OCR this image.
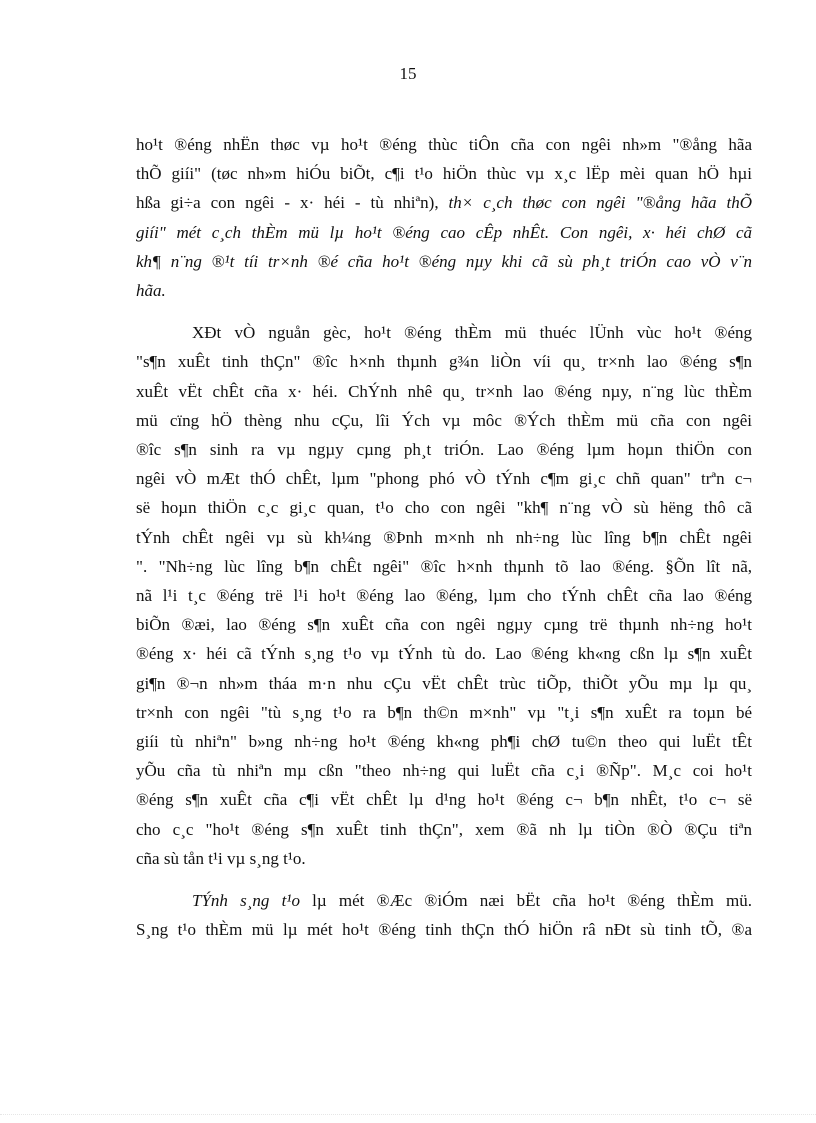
15

ho¹t ®éng nhËn thøc vµ ho¹t ®éng thùc tiÔn cña con ngêi nh»m "®ång hãa
thÕ giíi" (tøc nh»m hiÓu biÕt, c¶i t¹o hiÖn thùc vµ x¸c lËp mèi quan hÖ hµi
hßa gi÷a con ngêi - x· héi - tù nhiªn), th× c¸ch thøc con ngêi "®ång hãa thÕ
giíi" mét c¸ch thÈm mü lµ ho¹t ®éng cao cÊp nhÊt. Con ngêi, x· héi chØ cã
kh¶ n¨ng ®¹t tíi tr×nh ®é cña ho¹t ®éng nµy khi cã sù ph¸t triÓn cao vÒ v¨n
hãa.

XÐt vÒ nguån gèc, ho¹t ®éng thÈm mü thuéc lÜnh vùc ho¹t ®éng
"s¶n xuÊt tinh thÇn" ®îc h×nh thµnh g¾n liÒn víi qu¸ tr×nh lao ®éng s¶n
xuÊt vËt chÊt cña x· héi. ChÝnh nhê qu¸ tr×nh lao ®éng nµy, n¨ng lùc thÈm
mü cïng hÖ thèng nhu cÇu, lîi Ých vµ môc ®Ých thÈm mü cña con ngêi
®îc s¶n sinh ra vµ ngµy cµng ph¸t triÓn. Lao ®éng lµm hoµn thiÖn con
ngêi vÒ mÆt thÓ chÊt, lµm "phong phó vÒ tÝnh c¶m gi¸c chñ quan" trªn c¬
së hoµn thiÖn c¸c gi¸c quan, t¹o cho con ngêi "kh¶ n¨ng vÒ sù hëng thô cã
tÝnh chÊt ngêi vµ sù kh¼ng ®Þnh m×nh nh nh÷ng lùc lîng b¶n chÊt ngêi
". "Nh÷ng lùc lîng b¶n chÊt ngêi" ®îc h×nh thµnh tõ lao ®éng. §Õn lît nã,
nã l¹i t¸c ®éng trë l¹i ho¹t ®éng lao ®éng, lµm cho tÝnh chÊt cña lao ®éng
biÕn ®æi, lao ®éng s¶n xuÊt cña con ngêi ngµy cµng trë thµnh nh÷ng ho¹t
®éng x· héi cã tÝnh s¸ng t¹o vµ tÝnh tù do. Lao ®éng kh«ng cßn lµ s¶n xuÊt
gi¶n ®¬n nh»m tháa m·n nhu cÇu vËt chÊt trùc tiÕp, thiÕt yÕu mµ lµ qu¸
tr×nh con ngêi "tù s¸ng t¹o ra b¶n th©n m×nh" vµ "t¸i s¶n xuÊt ra toµn bé
giíi tù nhiªn" b»ng nh÷ng ho¹t ®éng kh«ng ph¶i chØ tu©n theo qui luËt tÊt
yÕu cña tù nhiªn mµ cßn "theo nh÷ng qui luËt cña c¸i ®Ñp". M¸c coi ho¹t
®éng s¶n xuÊt cña c¶i vËt chÊt lµ d¹ng ho¹t ®éng c¬ b¶n nhÊt, t¹o c¬ së
cho c¸c "ho¹t ®éng s¶n xuÊt tinh thÇn", xem ®ã nh lµ tiÒn ®Ò ®Çu tiªn
cña sù tån t¹i vµ s¸ng t¹o.

TÝnh s¸ng t¹o lµ mét ®Æc ®iÓm næi bËt cña ho¹t ®éng thÈm mü.
S¸ng t¹o thÈm mü lµ mét ho¹t ®éng tinh thÇn thÓ hiÖn râ nÐt sù tinh tÕ, ®a
